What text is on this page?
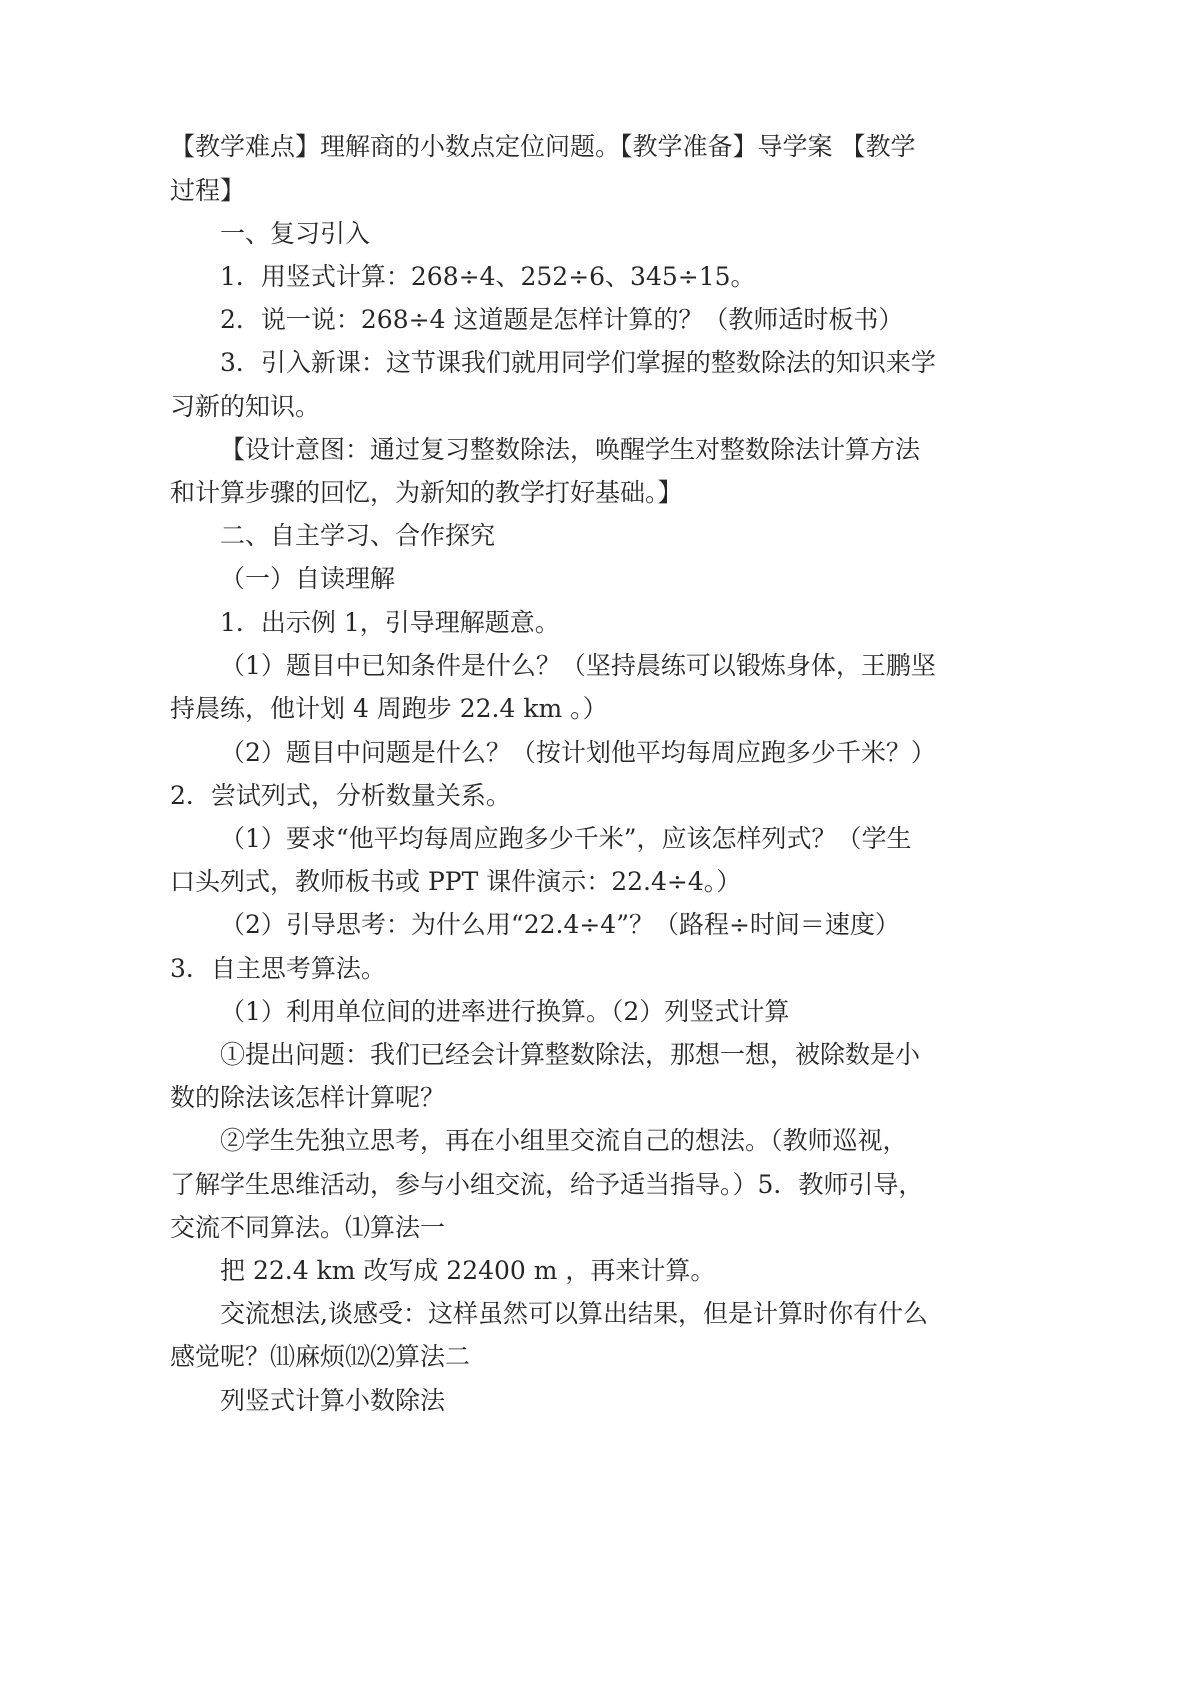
【教学难点】理解商的小数点定位问题。【教学准备】导学案 【教学
过程】
一、复习引入
1．用竖式计算：268÷4、252÷6、345÷15。
2．说一说：268÷4 这道题是怎样计算的？（教师适时板书）
3．引入新课：这节课我们就用同学们掌握的整数除法的知识来学
习新的知识。
【设计意图：通过复习整数除法，唤醒学生对整数除法计算方法
和计算步骤的回忆，为新知的教学打好基础。】
二、自主学习、合作探究
（一）自读理解
1．出示例 1，引导理解题意。
（1）题目中已知条件是什么？（坚持晨练可以锻炼身体，王鹏坚
持晨练，他计划 4 周跑步 22.4 km 。）
（2）题目中问题是什么？（按计划他平均每周应跑多少千米？）
2．尝试列式，分析数量关系。
（1）要求“他平均每周应跑多少千米”，应该怎样列式？（学生
口头列式，教师板书或 PPT 课件演示：22.4÷4。）
（2）引导思考：为什么用“22.4÷4”？（路程÷时间＝速度）
3．自主思考算法。
（1）利用单位间的进率进行换算。（2）列竖式计算
①提出问题：我们已经会计算整数除法，那想一想，被除数是小
数的除法该怎样计算呢？
②学生先独立思考，再在小组里交流自己的想法。（教师巡视，
了解学生思维活动，参与小组交流，给予适当指导。）5．教师引导，
交流不同算法。⑴算法一
把 22.4 km 改写成 22400 m ，再来计算。
交流想法,谈感受：这样虽然可以算出结果，但是计算时你有什么
感觉呢？⑾麻烦⑿⑵算法二
列竖式计算小数除法
